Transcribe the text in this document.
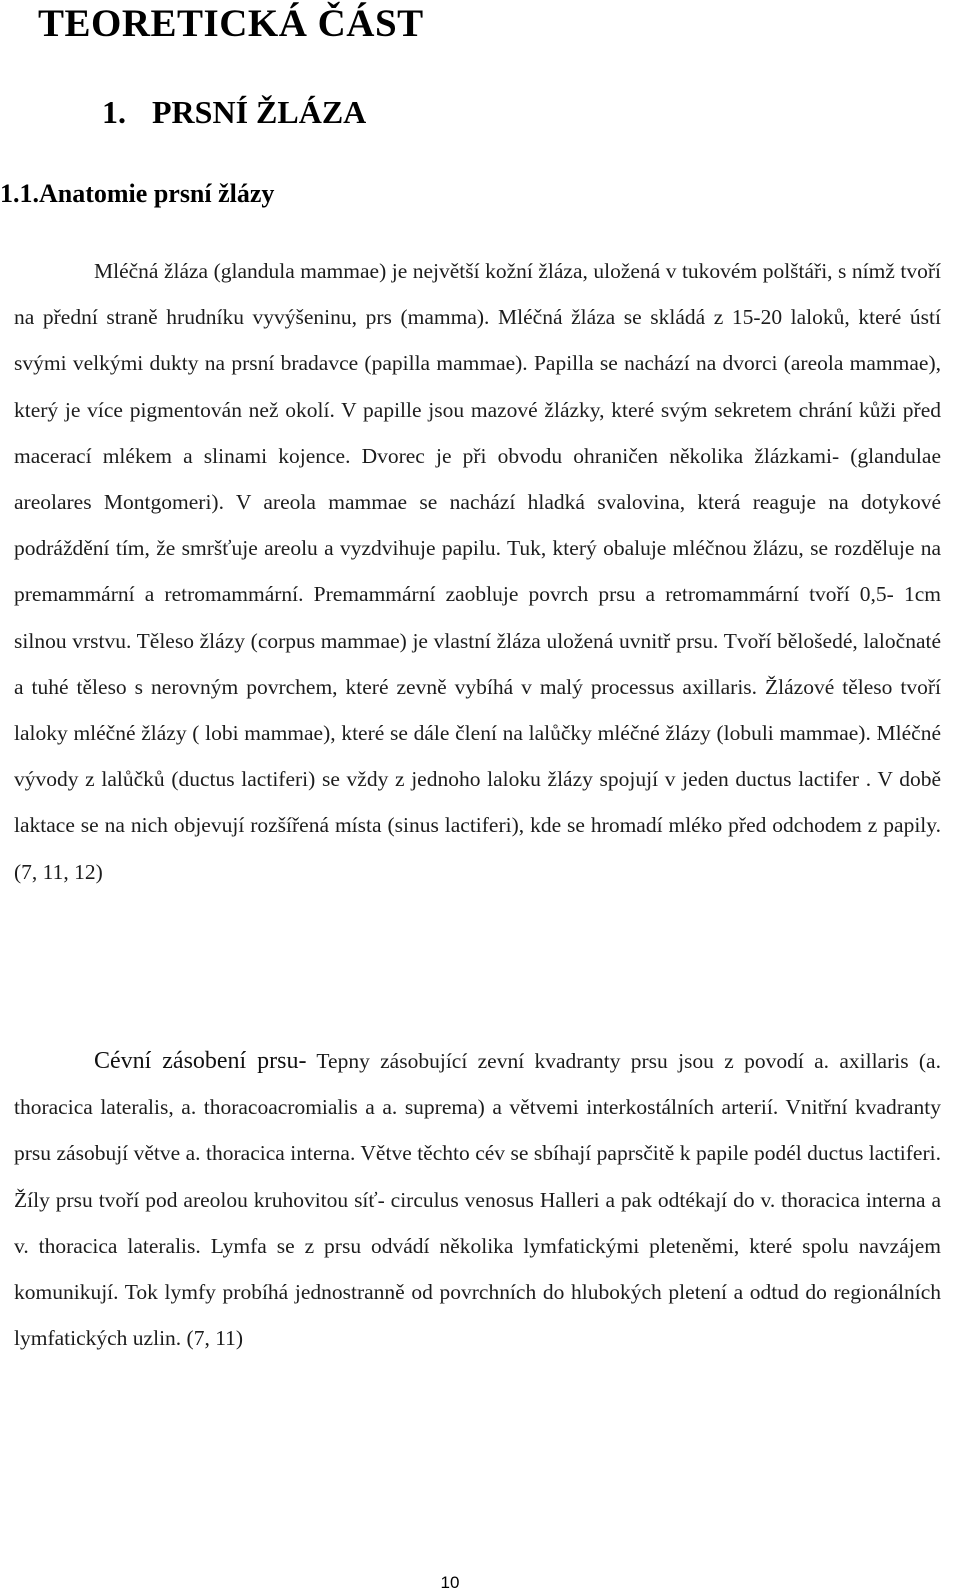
TEORETICKÁ ČÁST
1. PRSNÍ ŽLÁZA
1.1.Anatomie prsní žlázy

Mléčná žláza (glandula mammae) je největší kožní žláza, uložená v tukovém polštáři, s nímž tvoří na přední straně hrudníku vyvýšeninu, prs (mamma). Mléčná žláza se skládá z 15-20 laloků, které ústí svými velkými dukty na prsní bradavce (papilla mammae). Papilla se nachází na dvorci (areola mammae), který je více pigmentován než okolí. V papille jsou mazové žlázky, které svým sekretem chrání kůži před macerací mlékem a slinami kojence. Dvorec je při obvodu ohraničen několika žlázkami- (glandulae areolares Montgomeri). V areola mammae se nachází hladká svalovina, která reaguje na dotykové podráždění tím, že smršťuje areolu a vyzdvihuje papilu. Tuk, který obaluje mléčnou žlázu, se rozděluje na premammární a retromammární. Premammární zaobluje povrch prsu a retromammární tvoří 0,5- 1cm silnou vrstvu. Těleso žlázy (corpus mammae) je vlastní žláza uložená uvnitř prsu. Tvoří bělošedé, laločnaté a tuhé těleso s nerovným povrchem, které zevně vybíhá v malý processus axillaris. Žlázové těleso tvoří laloky mléčné žlázy ( lobi mammae), které se dále člení na lalůčky mléčné žlázy (lobuli mammae). Mléčné vývody z lalůčků (ductus lactiferi) se vždy z jednoho laloku žlázy spojují v jeden ductus lactifer . V době laktace se na nich objevují rozšířená místa (sinus lactiferi), kde se hromadí mléko před odchodem z papily. (7, 11, 12)

Cévní zásobení prsu- Tepny zásobující zevní kvadranty prsu jsou z povodí a. axillaris (a. thoracica lateralis, a. thoracoacromialis a a. suprema) a větvemi interkostálních arterií. Vnitřní kvadranty prsu zásobují větve a. thoracica interna. Větve těchto cév se sbíhají paprsčitě k papile podél ductus lactiferi. Žíly prsu tvoří pod areolou kruhovitou síť- circulus venosus Halleri a pak odtékají do v. thoracica interna a v. thoracica lateralis. Lymfa se z prsu odvádí několika lymfatickými pleteněmi, které spolu navzájem komunikují. Tok lymfy probíhá jednostranně od povrchních do hlubokých pletení a odtud do regionálních lymfatických uzlin. (7, 11)

10
